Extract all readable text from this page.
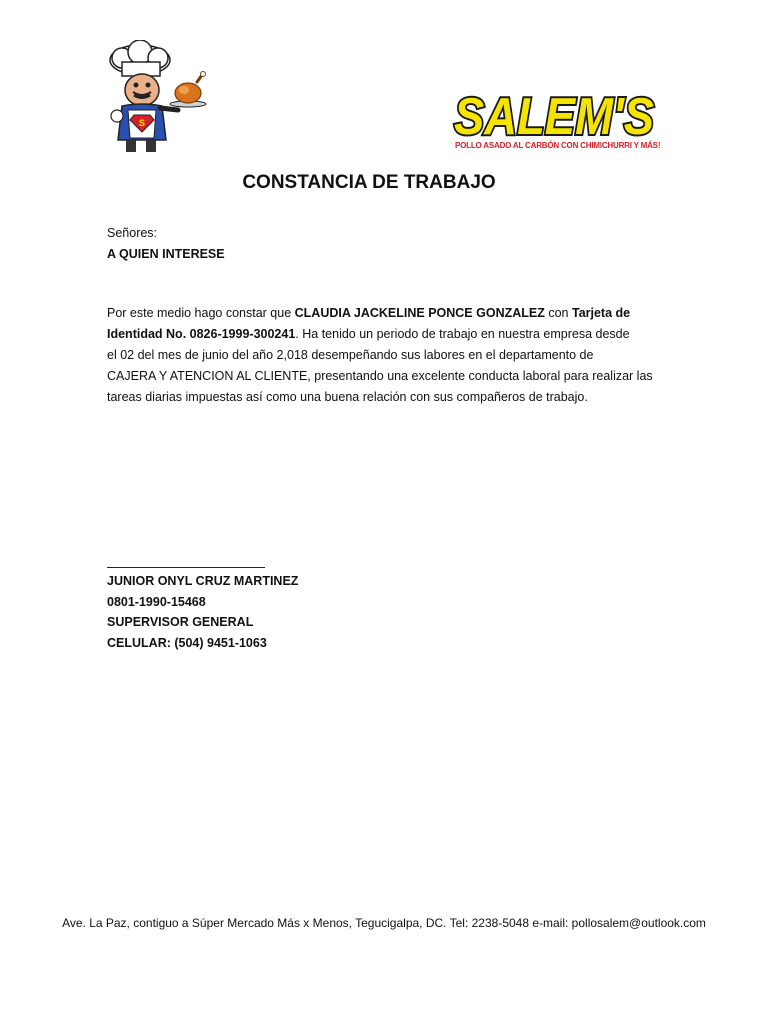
S	SALEM'S
SALEM'S
POLLO ASADO AL CARBÓN CON CHIMICHURRI Y MÁS!
CONSTANCIA DE TRABAJO
Señores:
A QUIEN INTERESE
Por este medio hago constar que CLAUDIA JACKELINE PONCE GONZALEZ con Tarjeta de
Identidad No. 0826-1999-300241. Ha tenido un periodo de trabajo en nuestra empresa desde
el 02 del mes de junio del año 2,018 desempeñando sus labores en el departamento de
CAJERA Y ATENCION AL CLIENTE, presentando una excelente conducta laboral para realizar las
tareas diarias impuestas así como una buena relación con sus compañeros de trabajo.
JUNIOR ONYL CRUZ MARTINEZ
0801-1990-15468
SUPERVISOR GENERAL
CELULAR: (504) 9451-1063
Ave. La Paz, contiguo a Súper Mercado Más x Menos, Tegucigalpa, DC. Tel: 2238-5048 e-mail: pollosalem@outlook.com
